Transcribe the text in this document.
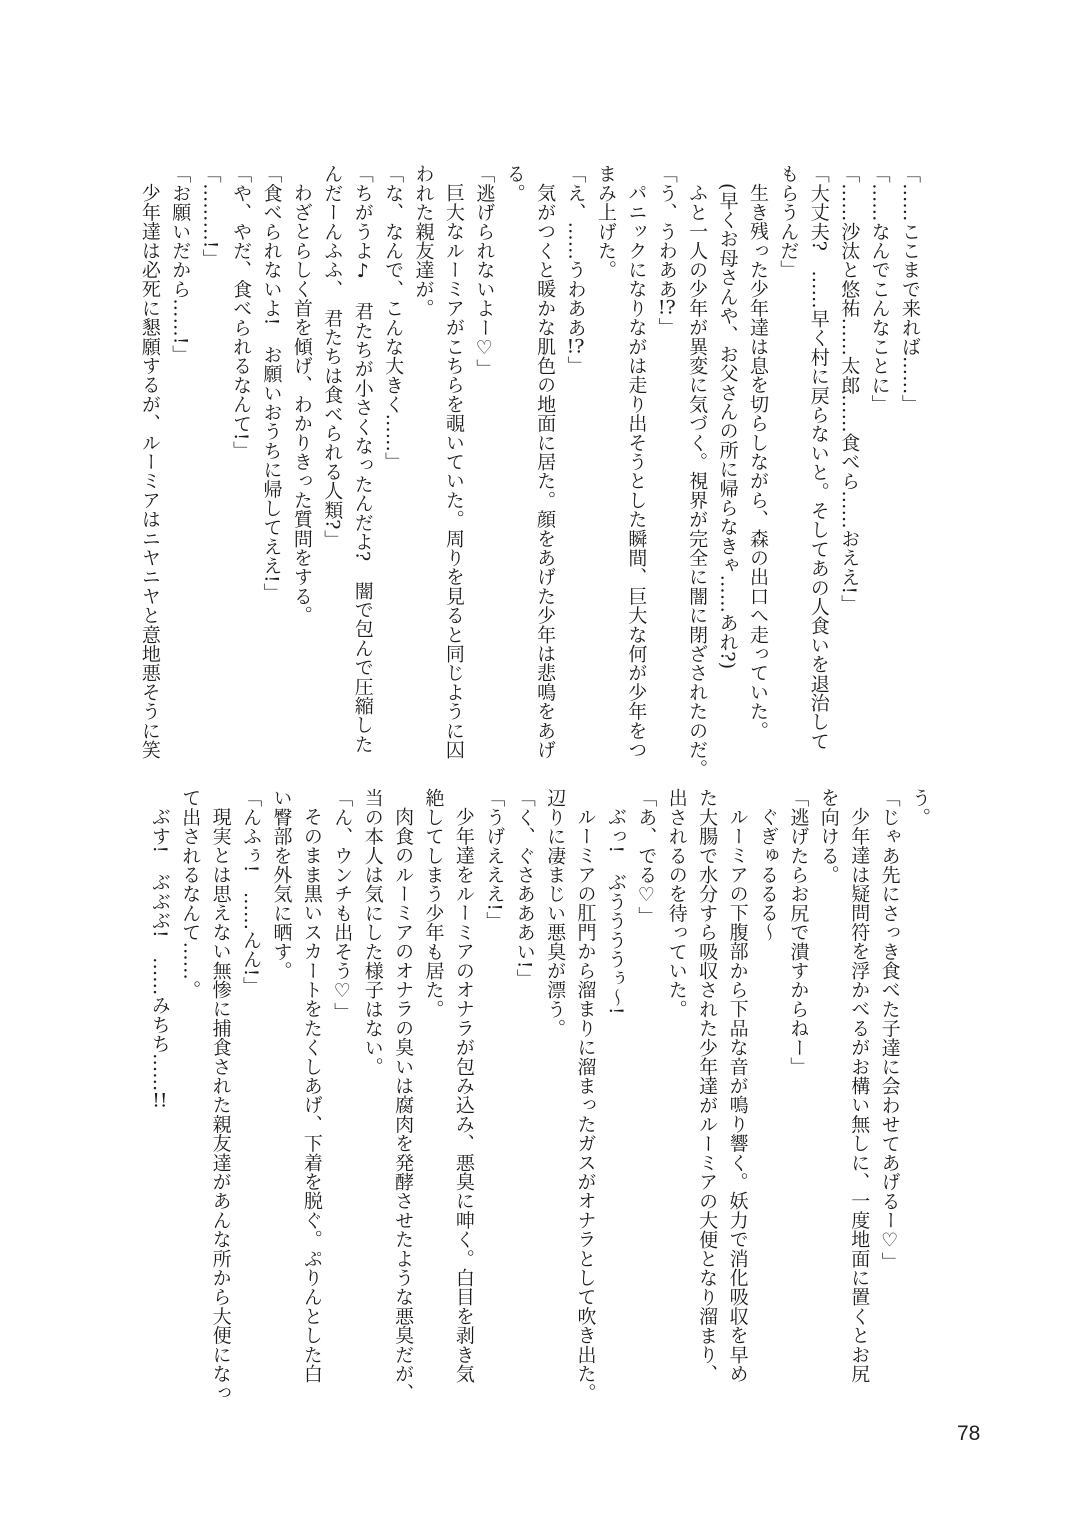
「……ここまで来れば……」
「……なんでこんなことに」
「……沙汰と悠祐……太郎……食べら……おええ!」
「大丈夫?　……早く村に戻らないと。そしてあの人食いを退治して
もらうんだ」
生き残った少年達は息を切らしながら、森の出口へ走っていた。
(早くお母さんや、お父さんの所に帰らなきゃ……あれ?)
ふと一人の少年が異変に気づく。視界が完全に闇に閉ざされたのだ。
「う、うわああ!?」
パニックになりながは走り出そうとした瞬間、巨大な何が少年をつ
まみ上げた。
「え、……うわああ!?」
気がつくと暖かな肌色の地面に居た。顔をあげた少年は悲鳴をあげ
る。
「逃げられないよー♡」
巨大なルーミアがこちらを覗いていた。周りを見ると同じように囚
われた親友達が。
「な、なんで、こんな大きく……」
「ちがうよ♪　君たちが小さくなったんだよ?　闇で包んで圧縮した
んだーんふふ、　君たちは食べられる人類?」
わざとらしく首を傾げ、わかりきった質問をする。
「食べられないよ!　お願いおうちに帰してええ!」
「や、やだ、食べられるなんて!」
「………!」
「お願いだから……!」
少年達は必死に懇願するが、ルーミアはニヤニヤと意地悪そうに笑
う。
「じゃあ先にさっき食べた子達に会わせてあげるー♡」
少年達は疑問符を浮かべるがお構い無しに、一度地面に置くとお尻
を向ける。
「逃げたらお尻で潰すからねー」
ぐぎゅるるる〜
ルーミアの下腹部から下品な音が鳴り響く。妖力で消化吸収を早め
た大腸で水分すら吸収された少年達がルーミアの大便となり溜まり、
出されるのを待っていた。
「あ、でる♡」
ぶっ!　ぶううううぅ〜!
ルーミアの肛門から溜まりに溜まったガスがオナラとして吹き出た。
辺りに凄まじい悪臭が漂う。
「く、ぐさあああい!」
「うげえええ!」
少年達をルーミアのオナラが包み込み、悪臭に呻く。白目を剥き気
絶してしまう少年も居た。
肉食のルーミアのオナラの臭いは腐肉を発酵させたような悪臭だが、
当の本人は気にした様子はない。
「ん、ウンチも出そう♡」
そのまま黒いスカートをたくしあげ、下着を脱ぐ。ぷりんとした白
い臀部を外気に晒す。
「んふぅ!　……んん!」
現実とは思えない無惨に捕食された親友達があんな所から大便になっ
て出されるなんて……。
ぶす!　ぶぶぶ!　……みちち……!!
78
